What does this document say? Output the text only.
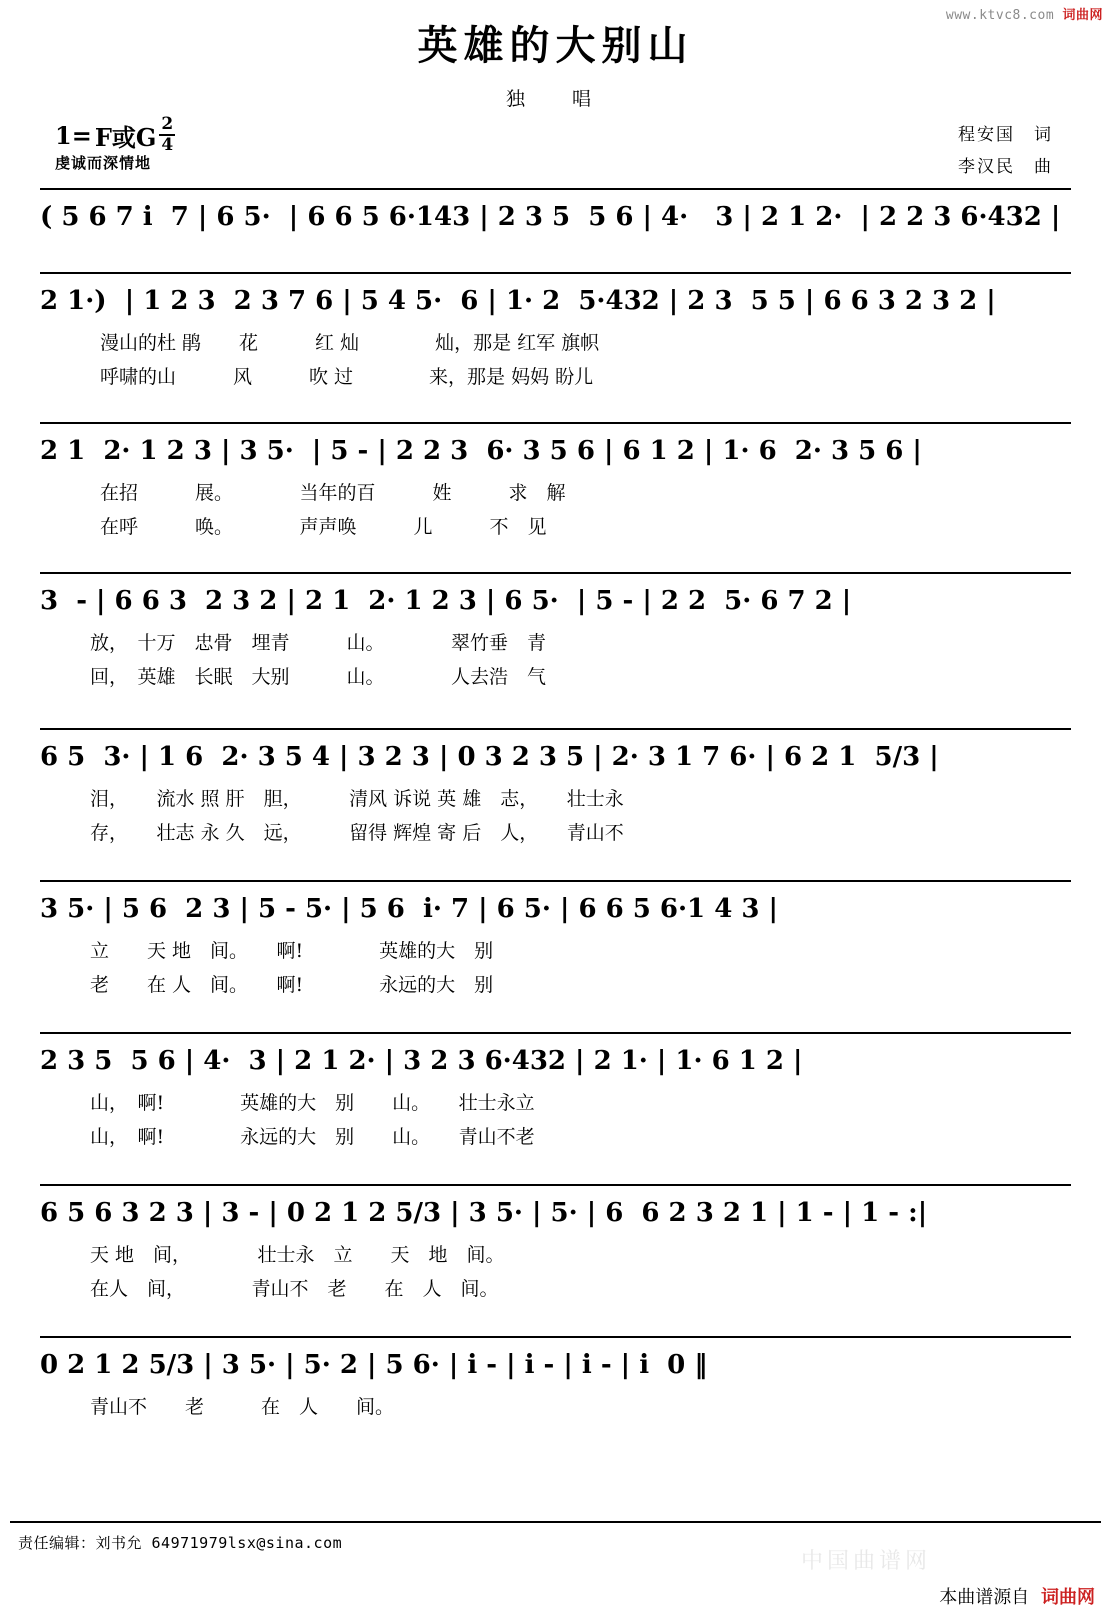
www.ktvc8.com 词曲网
英雄的大别山
独　唱
1= F或G $\frac{2}{4}$
虔诚而深情地
程安国　词
李汉民　曲
( 5 6 7 i  7 | 6 5·  | 6 6 5 6·143 | 2 3 5  5 6 | 4·   3 | 2 1 2·  | 2 2 3 6·432 |
2 1·)  | 1 2 3  2 3 7 6 | 5 4 5·  6 | 1· 2  5·432 | 2 3  5 5 | 6 6 3 2 3 2 |

漫山的杜 鹃　　花　　　红 灿　　　　灿，那是 红军 旗帜

呼啸的山　　　风　　　吹 过　　　　来，那是 妈妈 盼儿

2 1  2· 1 2 3 | 3 5·  | 5 - | 2 2 3  6· 3 5 6 | 6 1 2 | 1· 6  2· 3 5 6 |

在招　　　展。　　　　当年的百　　　姓　　　求　解

在呼　　　唤。　　　　声声唤　　　儿　　　不　见

3  - | 6 6 3  2 3 2 | 2 1  2· 1 2 3 | 6 5·  | 5 - | 2 2  5· 6 7 2 |

放，　十万　忠骨　埋青　　　山。　　　　翠竹垂　青

回，　英雄　长眠　大别　　　山。　　　　人去浩　气

6 5  3· | 1 6  2· 3 5 4 | 3 2 3 | 0 3 2 3 5 | 2· 3 1 7 6· | 6 2 1  5/3 |

泪，　　流水 照 肝　胆，　　　清风 诉说 英 雄　志，　　壮士永

存，　　壮志 永 久　远，　　　留得 辉煌 寄 后　人，　　青山不

3 5· | 5 6  2 3 | 5 - 5· | 5 6  i· 7 | 6 5· | 6 6 5 6·1 4 3 |

立　　天 地　间。　　啊!　　　　英雄的大　别

老　　在 人　间。　　啊!　　　　永远的大　别

2 3 5  5 6 | 4·  3 | 2 1 2· | 3 2 3 6·432 | 2 1· | 1· 6 1 2 |

山，　啊!　　　　英雄的大　别　　山。　　壮士永立

山，　啊!　　　　永远的大　别　　山。　　青山不老

6 5 6 3 2 3 | 3 - | 0 2 1 2 5/3 | 3 5· | 5· | 6  6 2 3 2 1 | 1 - | 1 - :|

天 地　间，　　　　壮士永　立　　天　地　间。

在人　间，　　　　青山不　老　　在　人　间。

0 2 1 2 5/3 | 3 5· | 5· 2 | 5 6· | i - | i - | i - | i  0 ‖

青山不　　老　　　在　人　　间。

中国曲谱网
责任编辑：刘书允 64971979lsx@sina.com
本曲谱源自 词曲网
